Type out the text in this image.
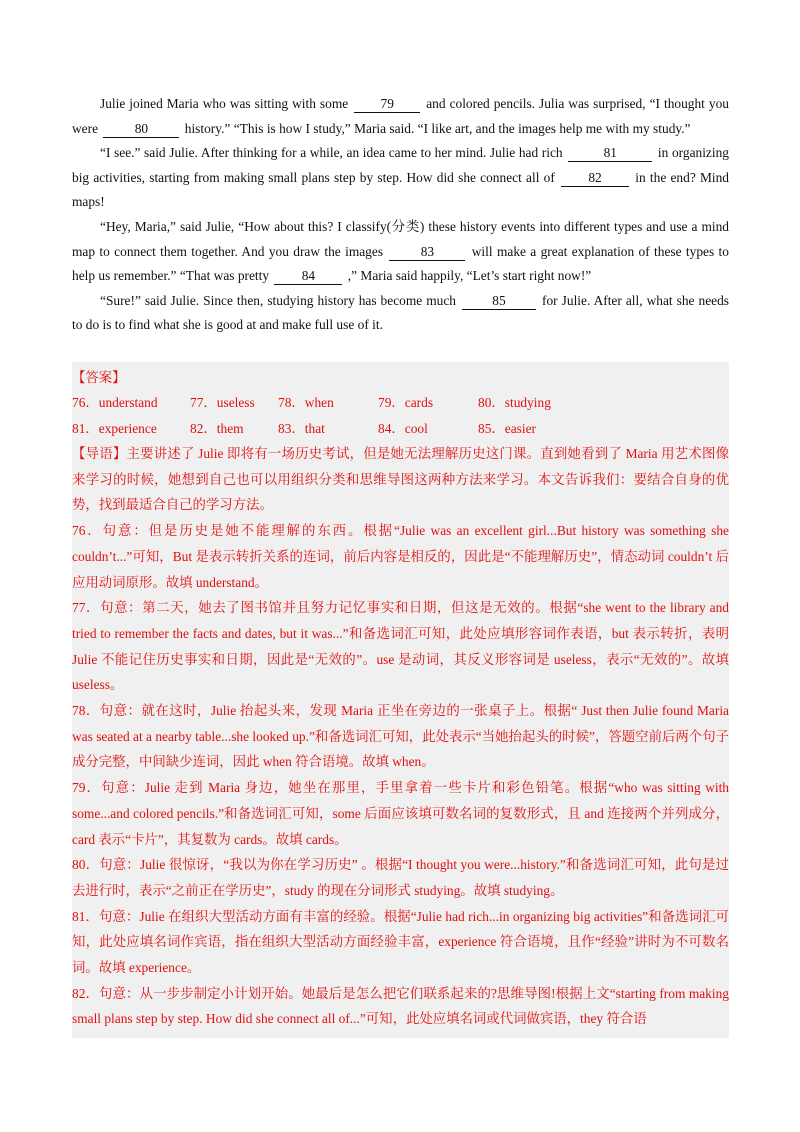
Julie joined Maria who was sitting with some 79 and colored pencils. Julia was surprised, “I thought you were	80	history.” “This is how I study,” Maria said. “I like art, and the images help me with my study.”

“I see.” said Julie. After thinking for a while, an idea came to her mind. Julie had rich	81	in organizing big activities, starting from making small plans step by step. How did she connect all of	82	in the end? Mind maps!

“Hey, Maria,” said Julie, “How about this? I classify(分类) these history events into different types and use a mind map to connect them together. And you draw the images	83	will make a great explanation of these types to help us remember.” “That was pretty 84 ,” Maria said happily, “Let’s start right now!”

“Sure!” said Julie. Since then, studying history has become much	85	for Julie. After all, what she needs to do is to find what she is good at and make full use of it.

【答案】

76．understand 77．useless 78．when	79．cards	80．studying

81．experience 82．them	83．that	84．cool	85．easier

【导语】主要讲述了 Julie 即将有一场历史考试，但是她无法理解历史这门课。直到她看到了 Maria 用艺术图像来学习的时候，她想到自己也可以用组织分类和思维导图这两种方法来学习。本文告诉我们：要结合自身的优势，找到最适合自己的学习方法。

76．句意：但是历史是她不能理解的东西。根据“Julie was an excellent girl...But history was something she couldn’t...”可知，But 是表示转折关系的连词，前后内容是相反的，因此是“不能理解历史”，情态动词 couldn’t 后应用动词原形。故填 understand。

77．句意：第二天，她去了图书馆并且努力记忆事实和日期，但这是无效的。根据“she went to the library and tried to remember the facts and dates, but it was...”和备选词汇可知，此处应填形容词作表语，but 表示转折，表明 Julie 不能记住历史事实和日期，因此是“无效的”。use 是动词，其反义形容词是 useless，表示“无效的”。故填 useless。

78．句意：就在这时，Julie 抬起头来，发现 Maria 正坐在旁边的一张桌子上。根据“ Just then Julie found Maria was seated at a nearby table...she looked up.”和备选词汇可知，此处表示“当她抬起头的时候”，答题空前后两个句子成分完整，中间缺少连词，因此 when 符合语境。故填 when。

79．句意：Julie 走到 Maria 身边，她坐在那里，手里拿着一些卡片和彩色铅笔。根据“who was sitting with some...and colored pencils.”和备选词汇可知，some 后面应该填可数名词的复数形式，且 and 连接两个并列成分，card 表示“卡片”，其复数为 cards。故填 cards。

80．句意：Julie 很惊讶，“我以为你在学习历史” 。根据“I thought you were...history.”和备选词汇可知，此句是过去进行时，表示“之前正在学历史”，study 的现在分词形式 studying。故填 studying。

81．句意：Julie 在组织大型活动方面有丰富的经验。根据“Julie had rich...in organizing big activities”和备选词汇可知，此处应填名词作宾语，指在组织大型活动方面经验丰富，experience 符合语境，且作“经验”讲时为不可数名词。故填 experience。

82．句意：从一步步制定小计划开始。她最后是怎么把它们联系起来的?思维导图!根据上文“starting from making small plans step by step. How did she connect all of...”可知，此处应填名词或代词做宾语，they 符合语
